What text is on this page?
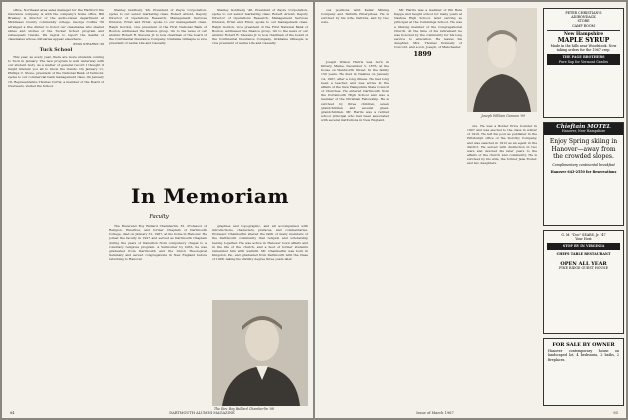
office, Northeast area sales manager for the Hartford fire insurance company, is with the company's home office. Bill Breakey is director of the audio-visual department at Middlesex County community college. George Collins '39 arranged a fine dinner to honor our classmates who shared slides and stories of the Tucker School program and subsequent travels. We regret to report the deaths of classmates whose obituaries appear elsewhere.

RUSS STEARNS '38
Tuck School

This year, as every year, there are more students coming to Tuck in January. The new program is well underway with our student body. As a matter of general record I thought it might interest you all to know the trends. On January 11, Phillips C. Stone, president of the National Bank of Vermont, spoke to our commercial bank management class. On January 18, Representative Thomas Curtis, a member of the Board of Overseers, visited the School.

Stanley Goldberg '46, President of Zayre Corporation, spoke to our senior marketing class. Robert Arnold, Deputy Director of Operations Research, Management Services Division, Ernst and Ernst, spoke to our management class. Ralph Gordon, vice president of the First National Bank of Boston, addressed the finance group. On to the news of our alumni: Robert R. Stevens Jr. is now chairman of the board of the Continental Insurance Company. Grahame Gillespie is vice president of Aetna Life and Casualty.

Stanley Goldberg '46, President of Zayre Corporation, spoke to our senior marketing class. Robert Arnold, Deputy Director of Operations Research, Management Services Division, Ernst and Ernst, spoke to our management class. Ralph Gordon, vice president of the First National Bank of Boston, addressed the finance group. On to the news of our alumni: Robert R. Stevens Jr. is now chairman of the board of the Continental Insurance Company. Grahame Gillespie is vice president of Aetna Life and Casualty.

In Memoriam
Faculty

The Reverend Roy Bullard Chamberlin, 81, Professor of Religion, Emeritus, and former Chaplain of Dartmouth College, died on January 31, 1967, at his home in Hanover. He joined the faculty in 1927 and served as Dartmouth Chaplain during the years of transition from compulsory chapel to a voluntary religious program. A Vermonter by birth, he was graduated from Dartmouth and the Union Theological Seminary and served congregations in New England before returning to Hanover.

graphies and topographic, and all accompanied with introductions, characters, prefaces, and commentaries. Professor Chamberlin shared the faith of many members of the Dartmouth community that religion and scholarship belong together. He was active in Hanover town affairs and in the life of the church, and a host of former students remember him with warmth. Mr. Chamberlin was born in Kingston, Pa., and graduated from Dartmouth with the Class of 1908, taking his divinity degree three years later.

The Rev. Roy Bullard Chamberlin '08
84	DARTMOUTH ALUMNI MAGAZINE

ous positions with Keller Mining Company and Tartuffe Enterprises. He is survived by his wife, Patricia, and by two sons.

1899

Joseph Wilson Harris was born in Kittery, Maine, December 5, 1876, at the house on Wentworth Street. In the family 150 years. He died in Nashua on January 14, 1967, after a long illness. He had long been a teacher, and was active in the affairs of the New Hampshire State Council of Churches. He entered Dartmouth from the Portsmouth High School and was a member of the Christian Fellowship. He is survived by three children, seven grandchildren and several great-grandchildren. Mr. Harris was a retired school principal who had been associated with several institutions in New England.

Mr. Harris was a member of Phi Beta Kappa and taught school for many years at Nashua High School, later serving as principal at the Cummings School. He was a lifelong member of the Congregational Church. At the time of his retirement he was honored by the community for his long service to education. He leaves his daughter, Mrs. Thomas Donnelly of Concord, and a son, Joseph, of Manchester.

Joseph William Gannon '99

ure. He was a Bolder Price founder in 1907 and was elected to the class in winter of 1910. He left his post as publisher in the Pittsburgh office of the Dorothy Company, and was selected in 1912 as an agent in the district. He served with distinction in two wars and devoted his later years to the affairs of the church and community. He is survived by his wife, the former Jane Foster, and two daughters.

PETER CHRISTIAN'S
ADIRONDACK
STORE
CAMP ROOM
New Hampshire
MAPLE SYRUP
Made in the hills near Woodstock. Now taking orders for the 1967 crop.
THE PAGE BROTHERS
Pure Sap for Vermont Grades
Chieftain MOTEL
Hanover, New Hampshire
Enjoy Spring skiing in Hanover—away from the crowded slopes.
Complimentary continental breakfast
Hanover 643-2550 for Reservations
G. M. "Doc" SEARS, Jr. '47
Your Host
STOP BY IN VIRGINIA
CHEFS TABLE RESTAURANT
OPEN ALL YEAR
PINE RIDGE GUEST HOUSE
FOR SALE BY OWNER
Hanover contemporary house on landscaped lot. 4 bedrooms, 2 baths, 2 fireplaces.
Issue of March 1967	85
